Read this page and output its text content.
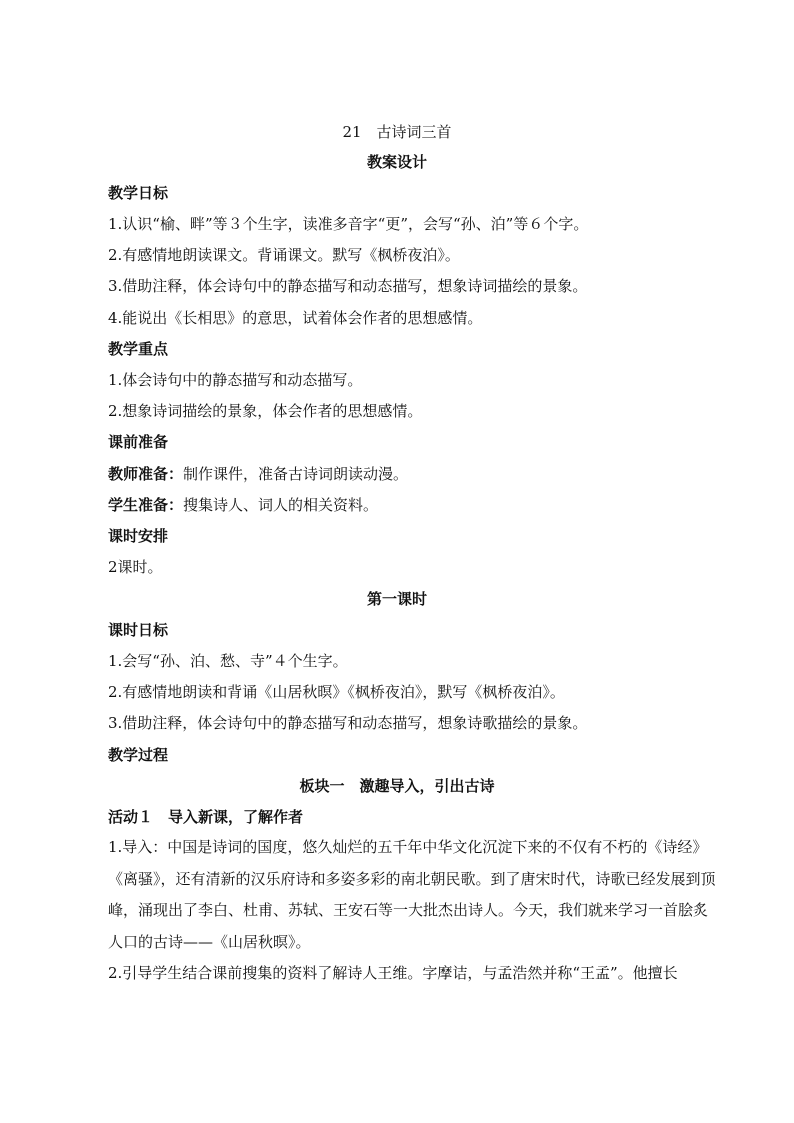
21　古诗词三首
教案设计
教学日标
1.认识“榆、畔”等３个生字，读准多音字“更”，会写“孙、泊”等６个字。
2.有感情地朗读课文。背诵课文。默写《枫桥夜泊》。
3.借助注释，体会诗句中的静态描写和动态描写，想象诗词描绘的景象。
4.能说出《长相思》的意思，试着体会作者的思想感情。
教学重点
1.体会诗句中的静态描写和动态描写。
2.想象诗词描绘的景象，体会作者的思想感情。
课前准备
教师准备：制作课件，准备古诗词朗读动漫。
学生准备：搜集诗人、词人的相关资料。
课时安排
2课时。
第一课时
课时日标
1.会写“孙、泊、愁、寺”４个生字。
2.有感情地朗读和背诵《山居秋暝》《枫桥夜泊》，默写《枫桥夜泊》。
3.借助注释，体会诗句中的静态描写和动态描写，想象诗歌描绘的景象。
教学过程
板块一　激趣导入，引出古诗
活动１　导入新课，了解作者
1.导入：中国是诗词的国度，悠久灿烂的五千年中华文化沉淀下来的不仅有不朽的《诗经》《离骚》，还有清新的汉乐府诗和多姿多彩的南北朝民歌。到了唐宋时代，诗歌已经发展到顶峰，涌现出了李白、杜甫、苏轼、王安石等一大批杰出诗人。今天，我们就来学习一首脍炙人口的古诗——《山居秋暝》。
2.引导学生结合课前搜集的资料了解诗人王维。字摩诘，与孟浩然并称“王孟”。他擅长
